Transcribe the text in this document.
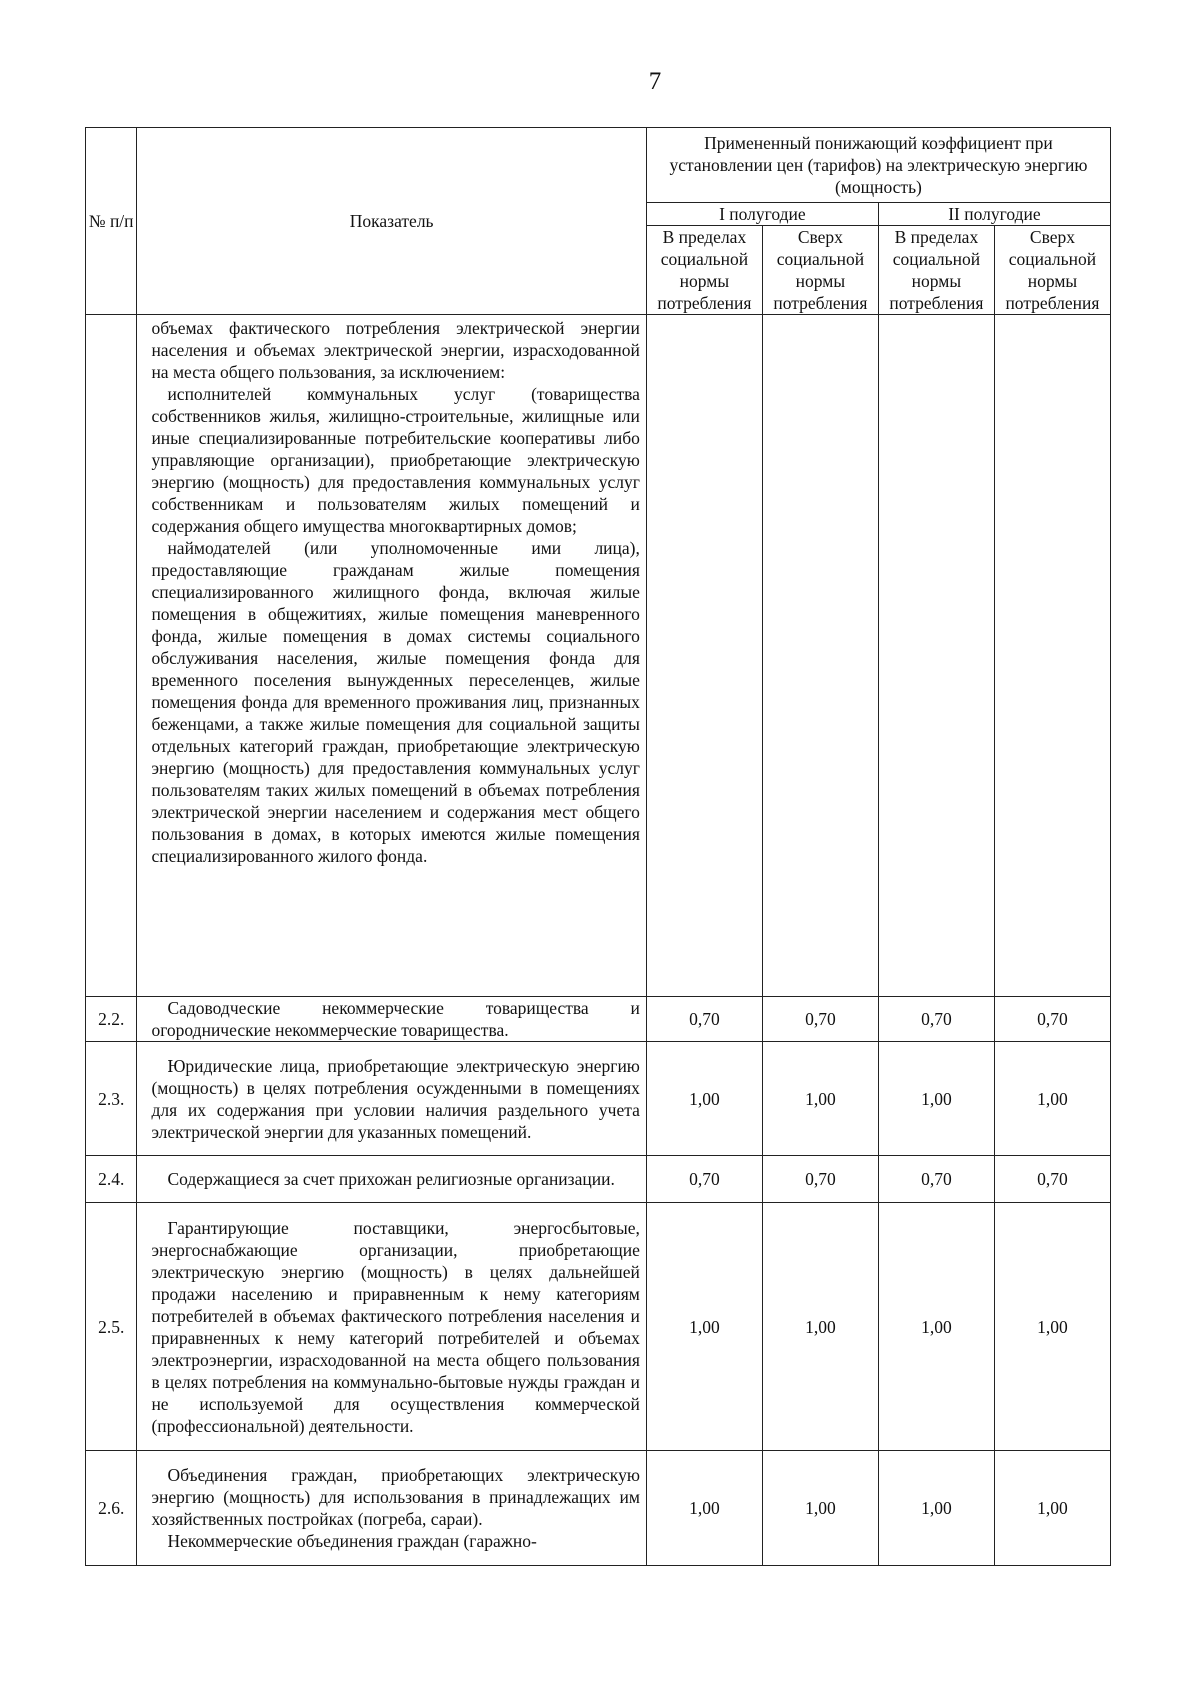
7
№ п/п	Показатель	Примененный понижающий коэффициент при установлении цен (тарифов) на электрическую энергию (мощность)			
		I полугодие		II полугодие	
		В пределах социальной нормы потребления	Сверх социальной нормы потребления	В пределах социальной нормы потребления	Сверх социальной нормы потребления

	объемах фактического потребления электрической энергии населения и объемах электрической энергии, израсходованной на места общего пользования, за исключением:

исполнителей коммунальных услуг (товарищества собственников жилья, жилищно-строительные, жилищные или иные специализированные потребительские кооперативы либо управляющие организации), приобретающие электрическую энергию (мощность) для предоставления коммунальных услуг собственникам и пользователям жилых помещений и содержания общего имущества многоквартирных домов;

наймодателей (или уполномоченные ими лица), предоставляющие гражданам жилые помещения специализированного жилищного фонда, включая жилые помещения в общежитиях, жилые помещения маневренного фонда, жилые помещения в домах системы социального обслуживания населения, жилые помещения фонда для временного поселения вынужденных переселенцев, жилые помещения фонда для временного проживания лиц, признанных беженцами, а также жилые помещения для социальной защиты отдельных категорий граждан, приобретающие электрическую энергию (мощность) для предоставления коммунальных услуг пользователям таких жилых помещений в объемах потребления электрической энергии населением и содержания мест общего пользования в домах, в которых имеются жилые помещения специализированного жилого фонда.				

2.2.	Садоводческие некоммерческие товарищества и огороднические некоммерческие товарищества.	0,70	0,70	0,70	0,70
2.3.	Юридические лица, приобретающие электрическую энергию (мощность) в целях потребления осужденными в помещениях для их содержания при условии наличия раздельного учета электрической энергии для указанных помещений.	1,00	1,00	1,00	1,00
2.4.	Содержащиеся за счет прихожан религиозные организации.	0,70	0,70	0,70	0,70
2.5.	Гарантирующие поставщики, энергосбытовые, энергоснабжающие организации, приобретающие электрическую энергию (мощность) в целях дальнейшей продажи населению и приравненным к нему категориям потребителей в объемах фактического потребления населения и приравненных к нему категорий потребителей и объемах электроэнергии, израсходованной на места общего пользования в целях потребления на коммунально-бытовые нужды граждан и не используемой для осуществления коммерческой (профессиональной) деятельности.	1,00	1,00	1,00	1,00
2.6.	Объединения граждан, приобретающих электрическую энергию (мощность) для использования в принадлежащих им хозяйственных постройках (погреба, сараи).

Некоммерческие объединения граждан (гаражно-	1,00	1,00	1,00	1,00
